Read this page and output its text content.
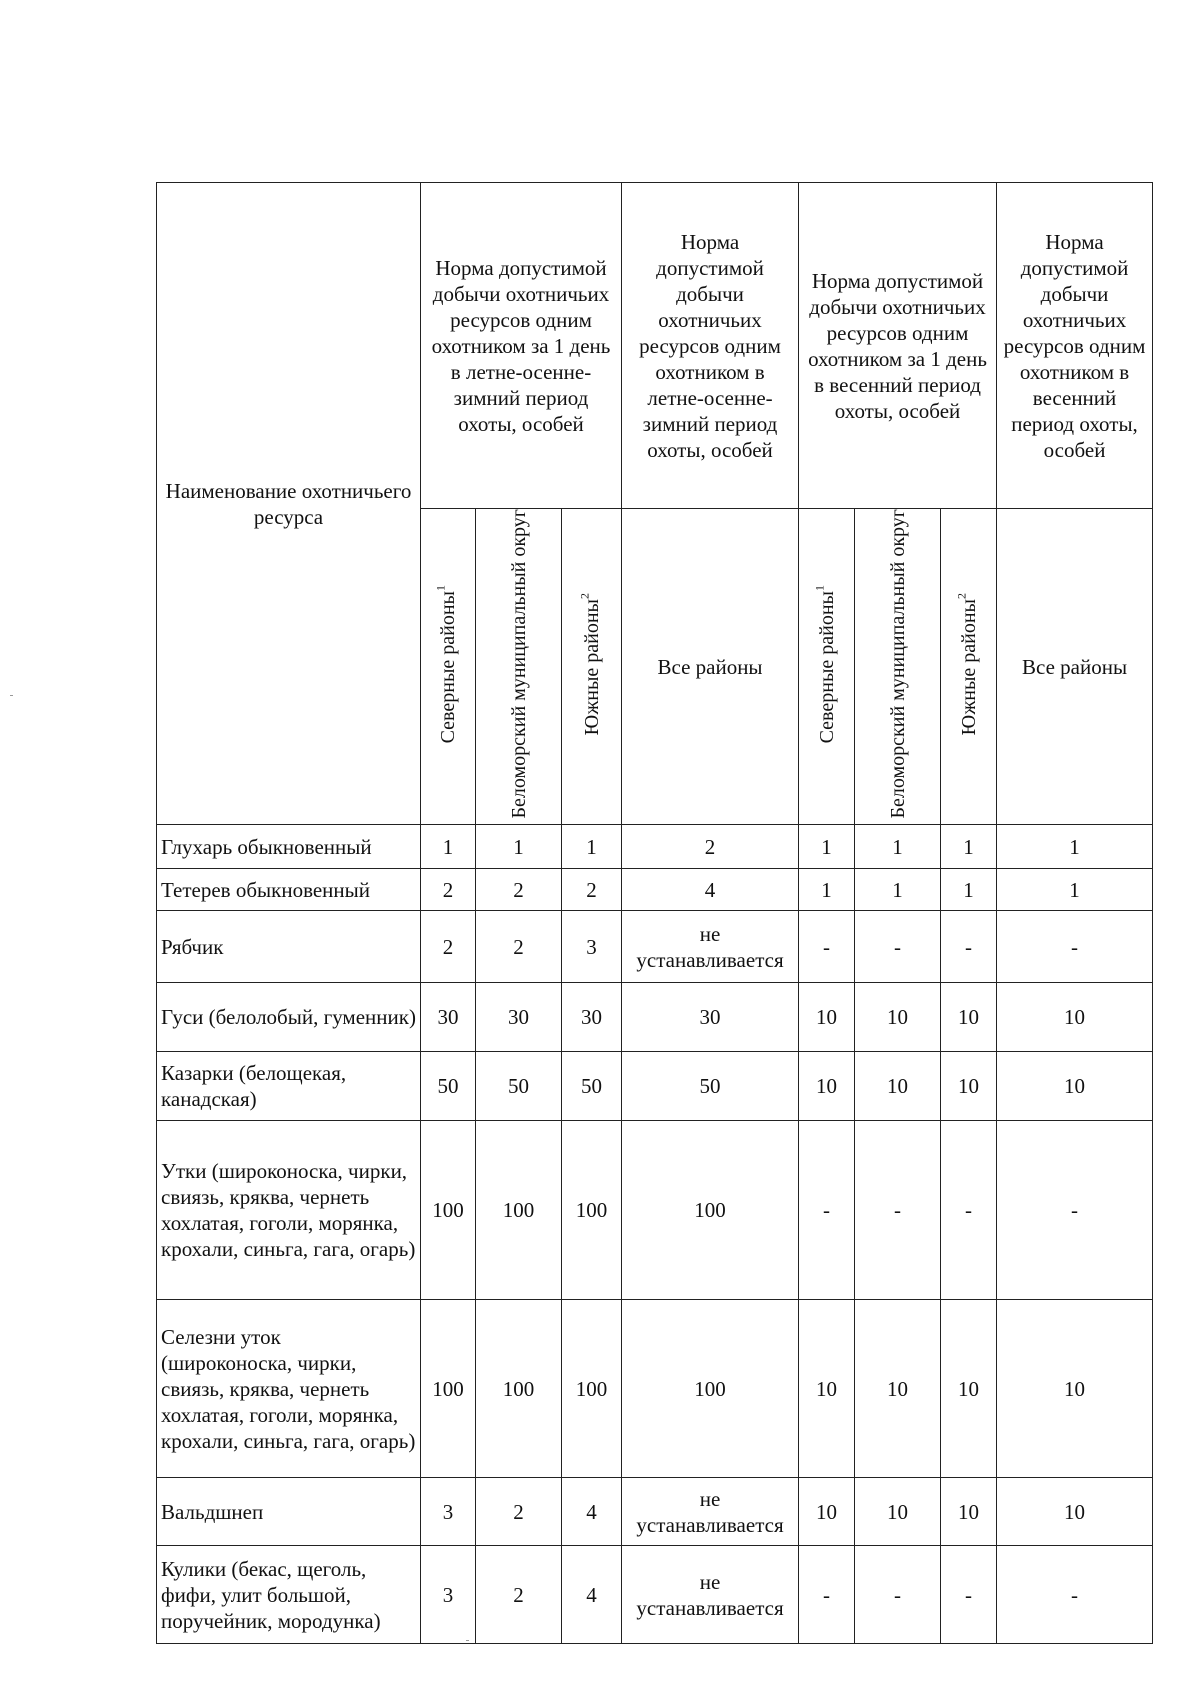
Наименование охотничьего ресурса	Норма допустимой добычи охотничьих ресурсов одним охотником за 1 день в летне-осенне-зимний период охоты, особей			Норма допустимой добычи охотничьих ресурсов одним охотником в летне-осенне-зимний период охоты, особей	Норма допустимой добычи охотничьих ресурсов одним охотником за 1 день в весенний период охоты, особей			Норма допустимой добычи охотничьих ресурсов одним охотником в весенний период охоты, особей
	Северные районы$^1$	Беломорский муниципальный округ	Южные районы$^2$	Все районы	Северные районы$^1$	Беломорский муниципальный округ	Южные районы$^2$	Все районы
Глухарь обыкновенный	1	1	1	2	1	1	1	1
Тетерев обыкновенный	2	2	2	4	1	1	1	1
Рябчик	2	2	3	не устанавливается	-	-	-	-
Гуси (белолобый, гуменник)	30	30	30	30	10	10	10	10
Казарки (белощекая, канадская)	50	50	50	50	10	10	10	10
Утки (широконоска, чирки, свиязь, кряква, чернеть хохлатая, гоголи, морянка, крохали, синьга, гага, огарь)	100	100	100	100	-	-	-	-
Селезни уток (широконоска, чирки, свиязь, кряква, чернеть хохлатая, гоголи, морянка, крохали, синьга, гага, огарь)	100	100	100	100	10	10	10	10
Вальдшнеп	3	2	4	не устанавливается	10	10	10	10
Кулики (бекас, щеголь, фифи, улит большой, поручейник, мородунка)	3	2	4	не устанавливается	-	-	-	-
